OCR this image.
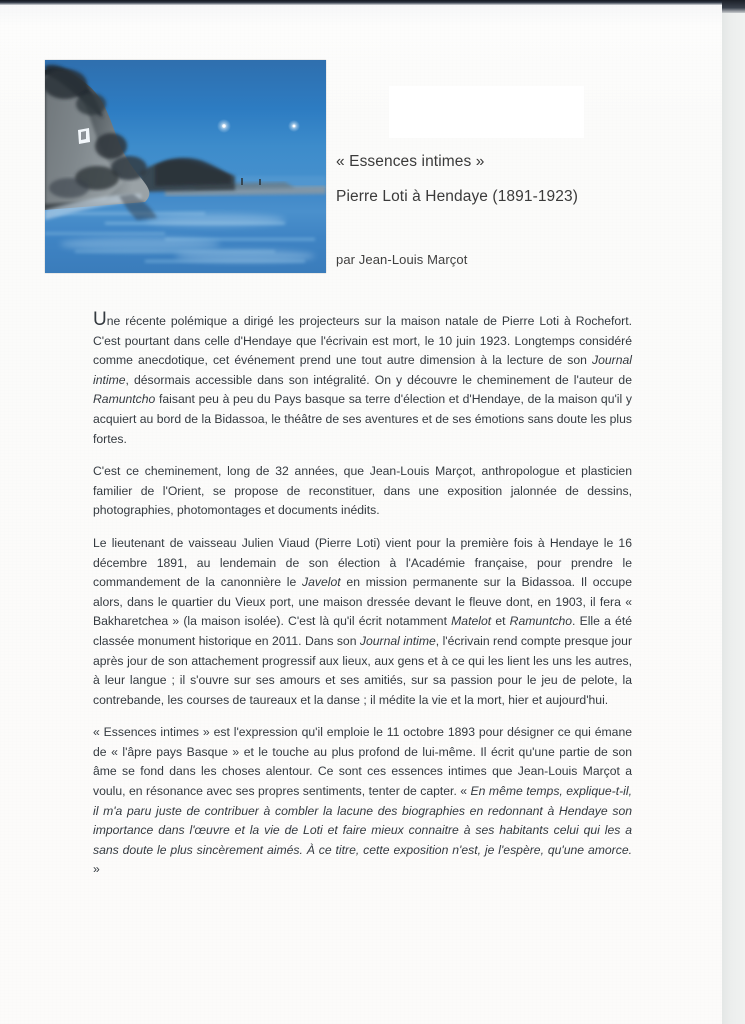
« Essences intimes »
Pierre Loti à Hendaye (1891-1923)
par Jean-Louis Marçot

Une récente polémique a dirigé les projecteurs sur la maison natale de Pierre Loti à Rochefort. C'est pourtant dans celle d'Hendaye que l'écrivain est mort, le 10 juin 1923. Longtemps considéré comme anecdotique, cet événement prend une tout autre dimension à la lecture de son Journal intime, désormais accessible dans son intégralité. On y découvre le cheminement de l'auteur de Ramuntcho faisant peu à peu du Pays basque sa terre d'élection et d'Hendaye, de la maison qu'il y acquiert au bord de la Bidassoa, le théâtre de ses aventures et de ses émotions sans doute les plus fortes.

C'est ce cheminement, long de 32 années, que Jean-Louis Marçot, anthropologue et plasticien familier de l'Orient, se propose de reconstituer, dans une exposition jalonnée de dessins, photographies, photomontages et documents inédits.

Le lieutenant de vaisseau Julien Viaud (Pierre Loti) vient pour la première fois à Hendaye le 16 décembre 1891, au lendemain de son élection à l'Académie française, pour prendre le commandement de la canonnière le Javelot en mission permanente sur la Bidassoa. Il occupe alors, dans le quartier du Vieux port, une maison dressée devant le fleuve dont, en 1903, il fera « Bakharetchea » (la maison isolée). C'est là qu'il écrit notamment Matelot et Ramuntcho. Elle a été classée monument historique en 2011. Dans son Journal intime, l'écrivain rend compte presque jour après jour de son attachement progressif aux lieux, aux gens et à ce qui les lient les uns les autres, à leur langue ; il s'ouvre sur ses amours et ses amitiés, sur sa passion pour le jeu de pelote, la contrebande, les courses de taureaux et la danse ; il médite la vie et la mort, hier et aujourd'hui.

« Essences intimes » est l'expression qu'il emploie le 11 octobre 1893 pour désigner ce qui émane de « l'âpre pays Basque » et le touche au plus profond de lui-même. Il écrit qu'une partie de son âme se fond dans les choses alentour. Ce sont ces essences intimes que Jean-Louis Marçot a voulu, en résonance avec ses propres sentiments, tenter de capter. « En même temps, explique-t-il, il m'a paru juste de contribuer à combler la lacune des biographies en redonnant à Hendaye son importance dans l'œuvre et la vie de Loti et faire mieux connaitre à ses habitants celui qui les a sans doute le plus sincèrement aimés. À ce titre, cette exposition n'est, je l'espère, qu'une amorce. »
